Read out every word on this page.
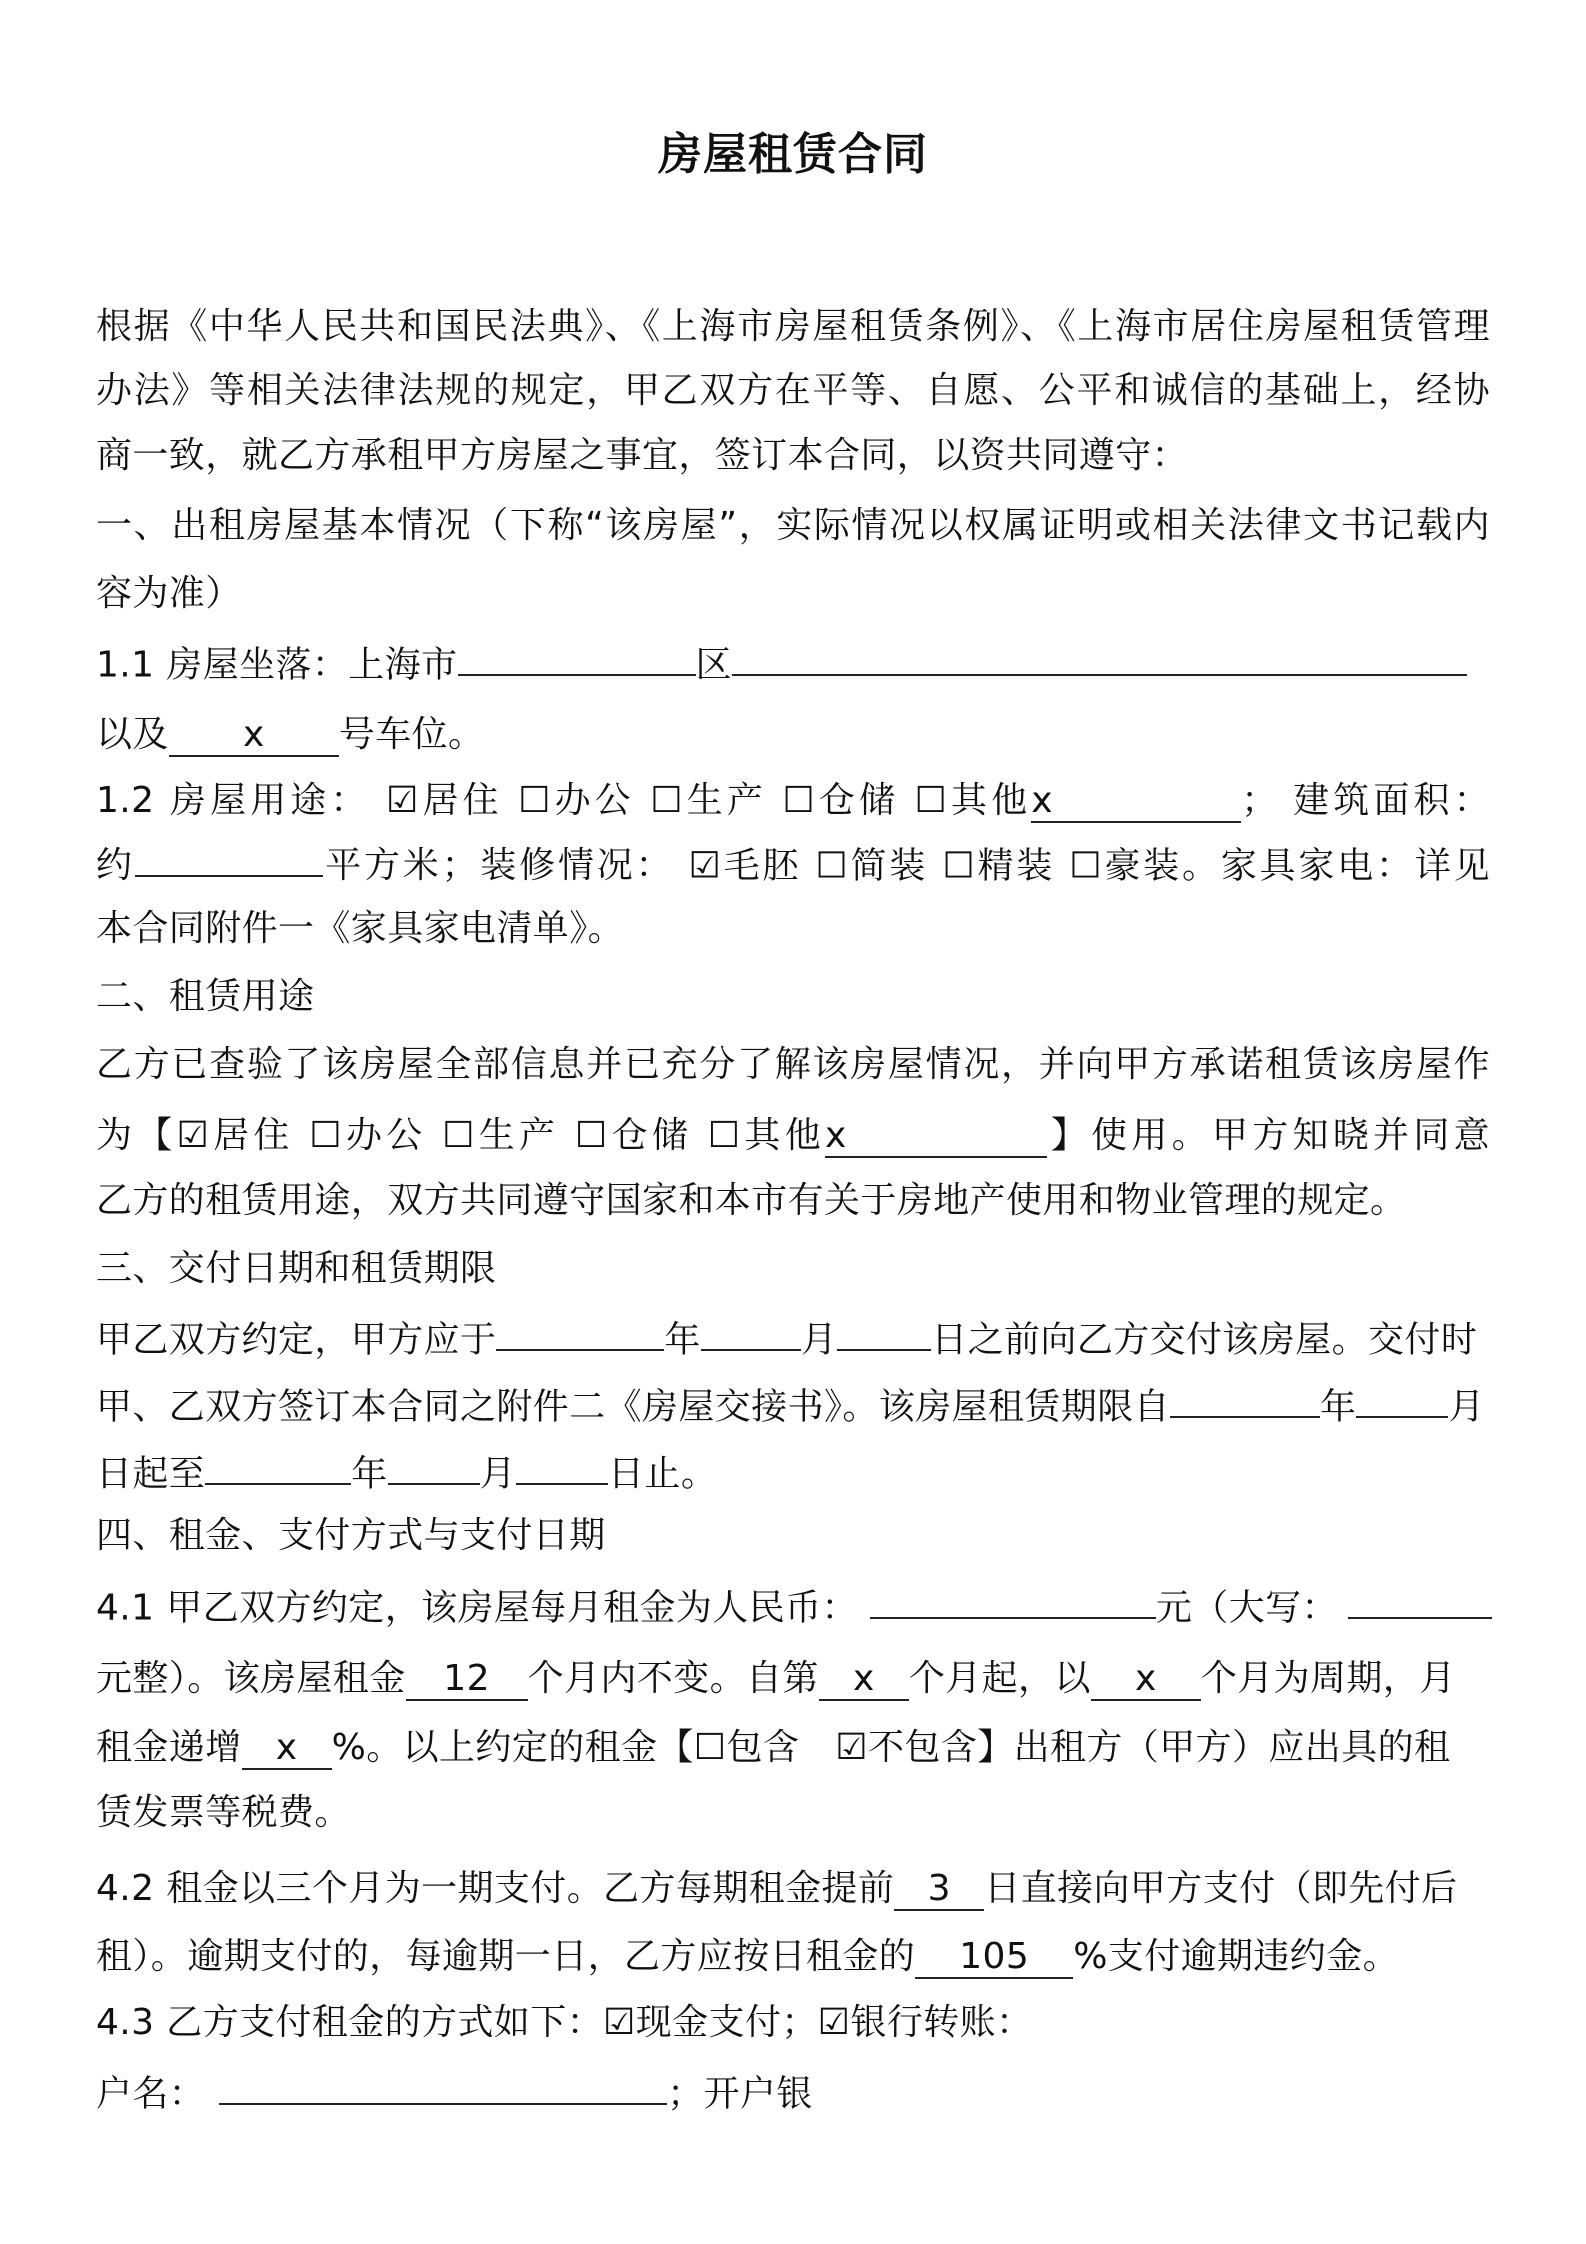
房屋租赁合同
根据《中华人民共和国民法典》、《上海市房屋租赁条例》、《上海市居住房屋租赁管理
办法》等相关法律法规的规定，甲乙双方在平等、自愿、公平和诚信的基础上，经协
商一致，就乙方承租甲方房屋之事宜，签订本合同，以资共同遵守：
一、出租房屋基本情况（下称“该房屋”，实际情况以权属证明或相关法律文书记载内
容为准）
1.1 房屋坐落：上海市	区
以及 x 号车位。
1.2 房屋用途： ☑居住 ☐办公 ☐生产 ☐仓储 ☐其他x	； 建筑面积：
约	平方米；装修情况： ☑毛胚 ☐简装 ☐精装 ☐豪装。家具家电：详见
本合同附件一《家具家电清单》。
二、租赁用途
乙方已查验了该房屋全部信息并已充分了解该房屋情况，并向甲方承诺租赁该房屋作
为【☑居住 ☐办公 ☐生产 ☐仓储 ☐其他x	】使用。甲方知晓并同意
乙方的租赁用途，双方共同遵守国家和本市有关于房地产使用和物业管理的规定。
三、交付日期和租赁期限
甲乙双方约定，甲方应于	年	月	日之前向乙方交付该房屋。交付时
甲、乙双方签订本合同之附件二《房屋交接书》。该房屋租赁期限自	年	月
日起至	年	月	日止。
四、租金、支付方式与支付日期
4.1 甲乙双方约定，该房屋每月租金为人民币：	元（大写：
元整）。该房屋租金 12 个月内不变。自第 x 个月起，以 x 个月为周期，月
租金递增 x %。以上约定的租金【☐包含 ☑不包含】出租方（甲方）应出具的租
赁发票等税费。
4.2 租金以三个月为一期支付。乙方每期租金提前 3 日直接向甲方支付（即先付后
租）。逾期支付的，每逾期一日，乙方应按日租金的 105 %支付逾期违约金。
4.3 乙方支付租金的方式如下：☑现金支付；☑银行转账：
户名：	；开户银
